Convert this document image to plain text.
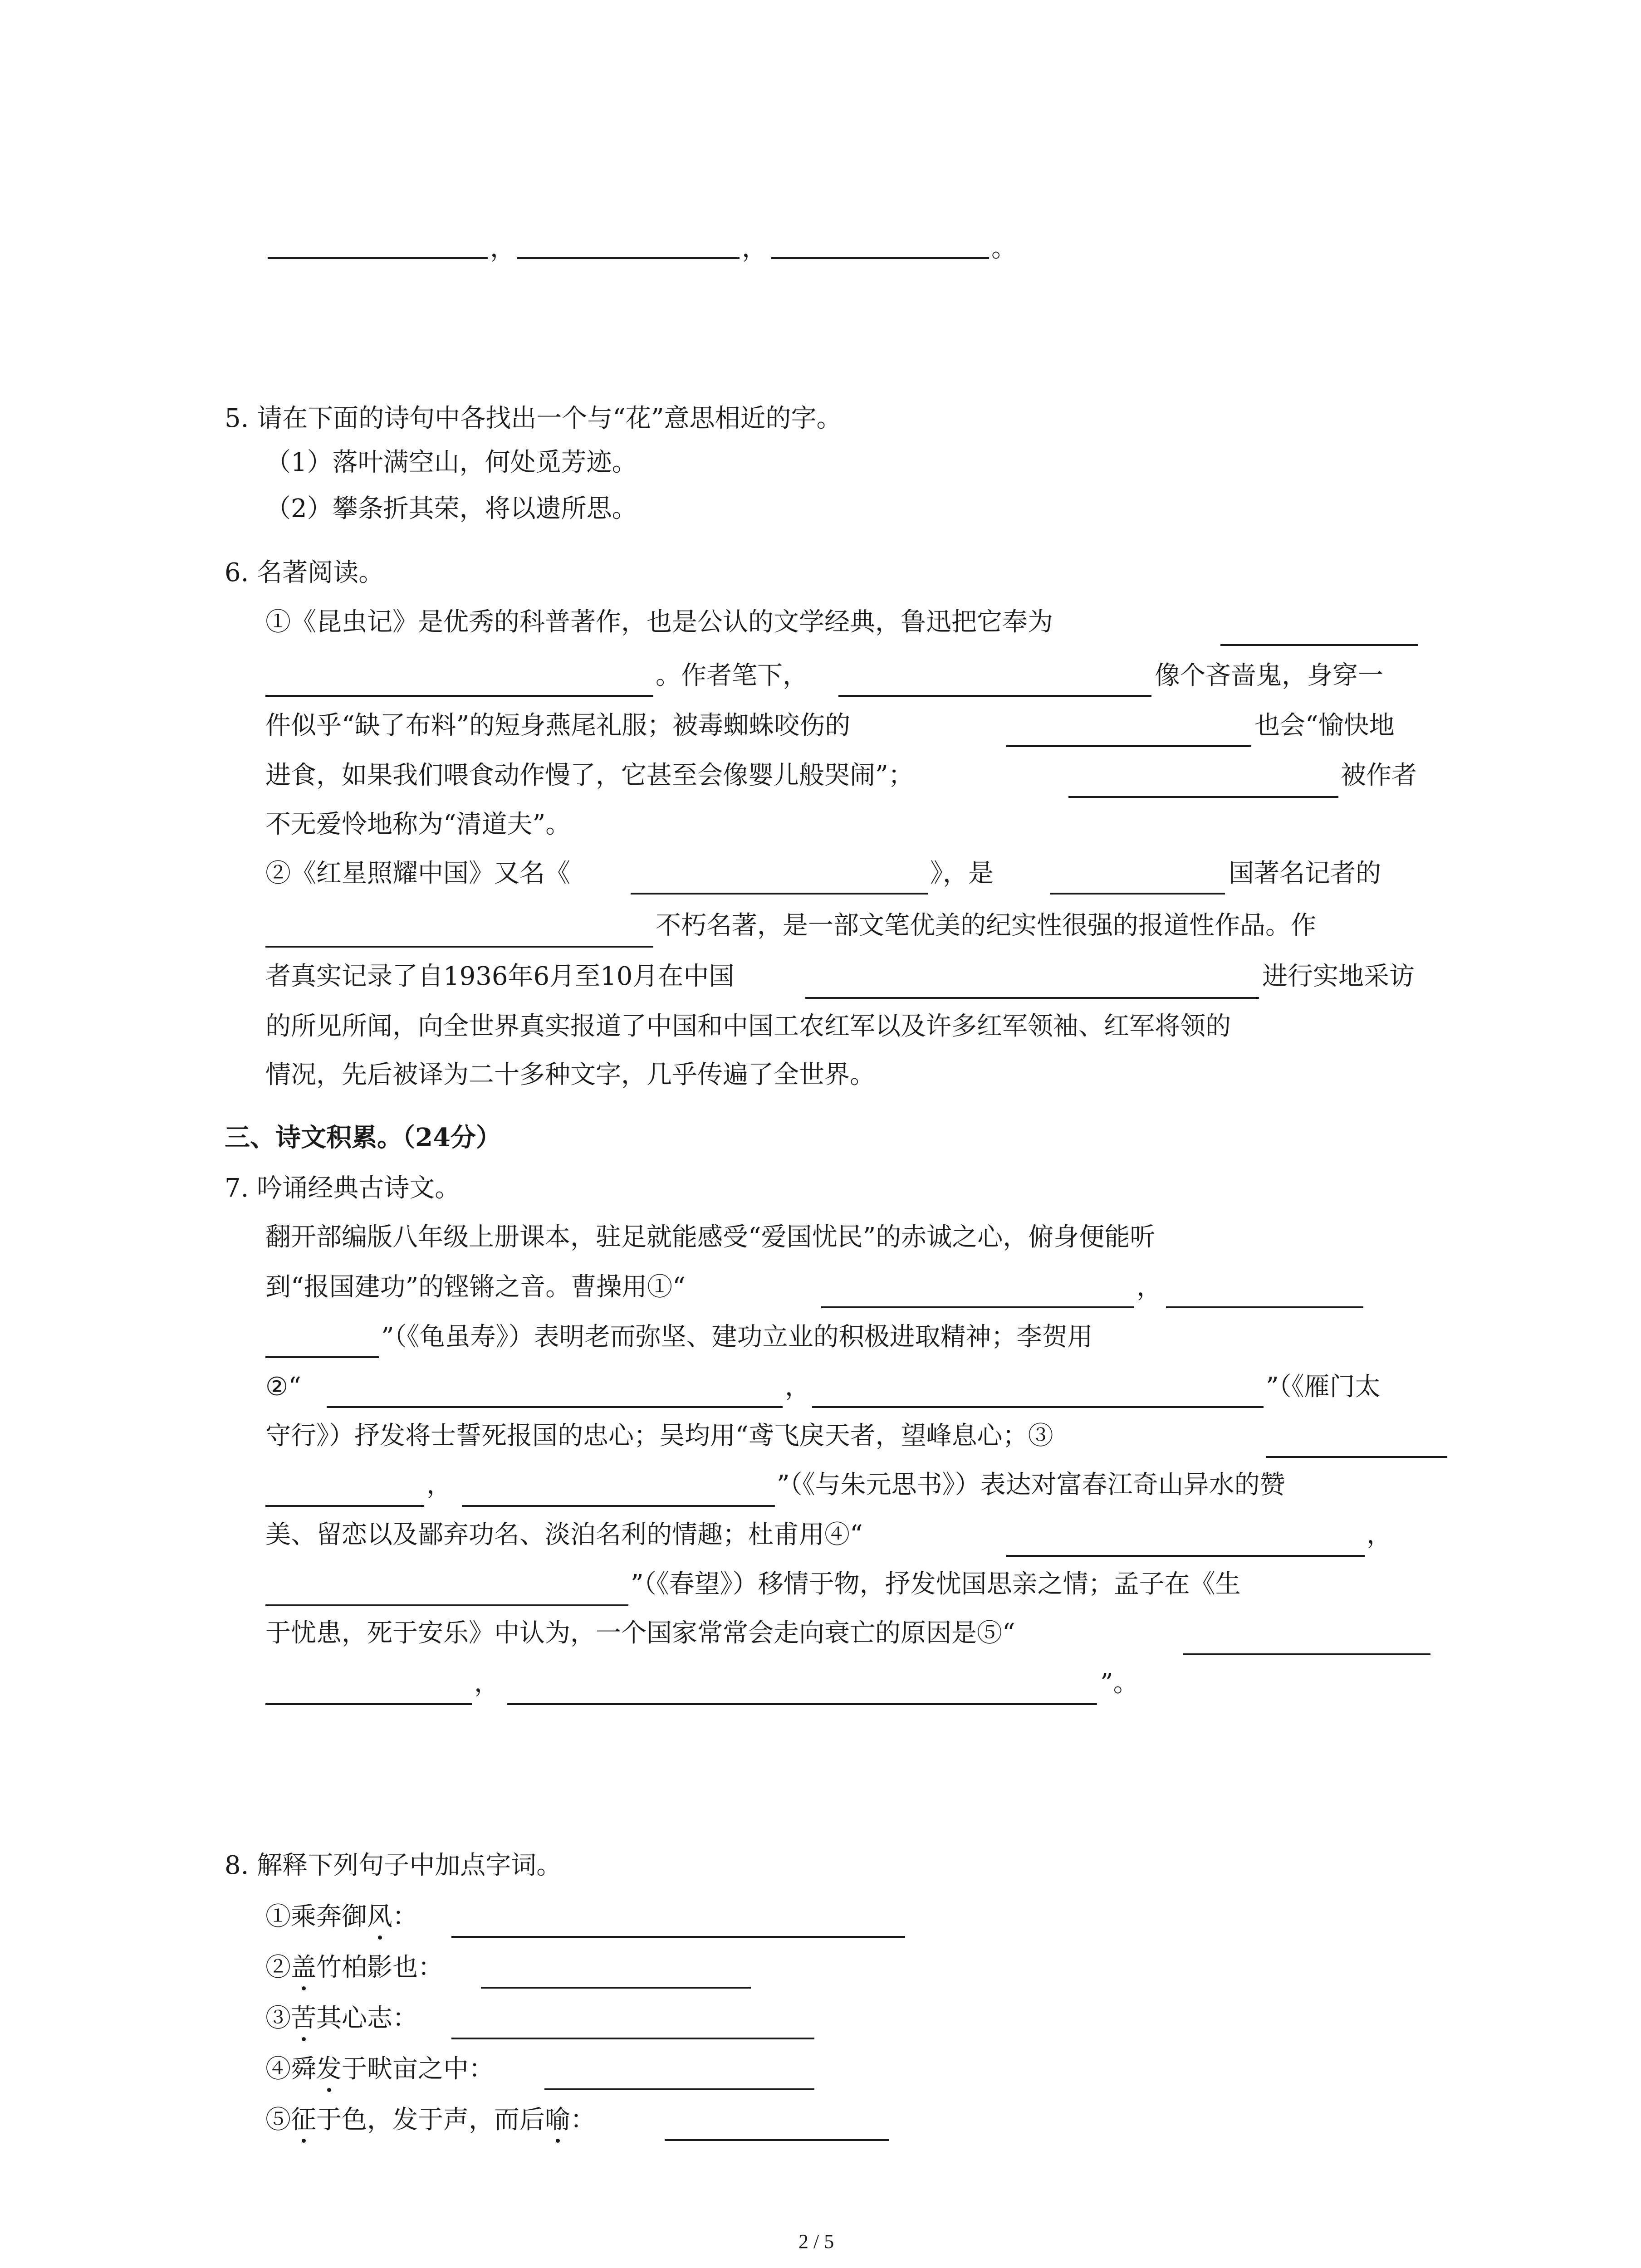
，	，	。
5. 请在下面的诗句中各找出一个与“花”意思相近的字。
（1）落叶满空山，何处觅芳迹。
（2）攀条折其荣，将以遗所思。
6. 名著阅读。
①《昆虫记》是优秀的科普著作，也是公认的文学经典，鲁迅把它奉为
。作者笔下，	像个吝啬鬼，身穿一
件似乎“缺了布料”的短身燕尾礼服；被毒蜘蛛咬伤的	也会“愉快地
进食，如果我们喂食动作慢了，它甚至会像婴儿般哭闹”；	被作者
不无爱怜地称为“清道夫”。
②《红星照耀中国》又名《	》，是	国著名记者的
不朽名著，是一部文笔优美的纪实性很强的报道性作品。作
者真实记录了自1936年6月至10月在中国	进行实地采访
的所见所闻，向全世界真实报道了中国和中国工农红军以及许多红军领袖、红军将领的
情况，先后被译为二十多种文字，几乎传遍了全世界。
三、诗文积累。（24分）
7. 吟诵经典古诗文。
翻开部编版八年级上册课本，驻足就能感受“爱国忧民”的赤诚之心，俯身便能听
到“报国建功”的铿锵之音。曹操用①“	，
”（《龟虽寿》）表明老而弥坚、建功立业的积极进取精神；李贺用
②“	，	”（《雁门太
守行》）抒发将士誓死报国的忠心；吴均用“鸢飞戾天者，望峰息心；③
，	”（《与朱元思书》）表达对富春江奇山异水的赞
美、留恋以及鄙弃功名、淡泊名利的情趣；杜甫用④“	，
”（《春望》）移情于物，抒发忧国思亲之情；孟子在《生
于忧患，死于安乐》中认为，一个国家常常会走向衰亡的原因是⑤“
，	”。
8. 解释下列句子中加点字词。
①乘奔御风：
②盖竹柏影也：
③苦其心志：
④舜发于畎亩之中：
⑤征于色，发于声，而后喻：
2 / 5
